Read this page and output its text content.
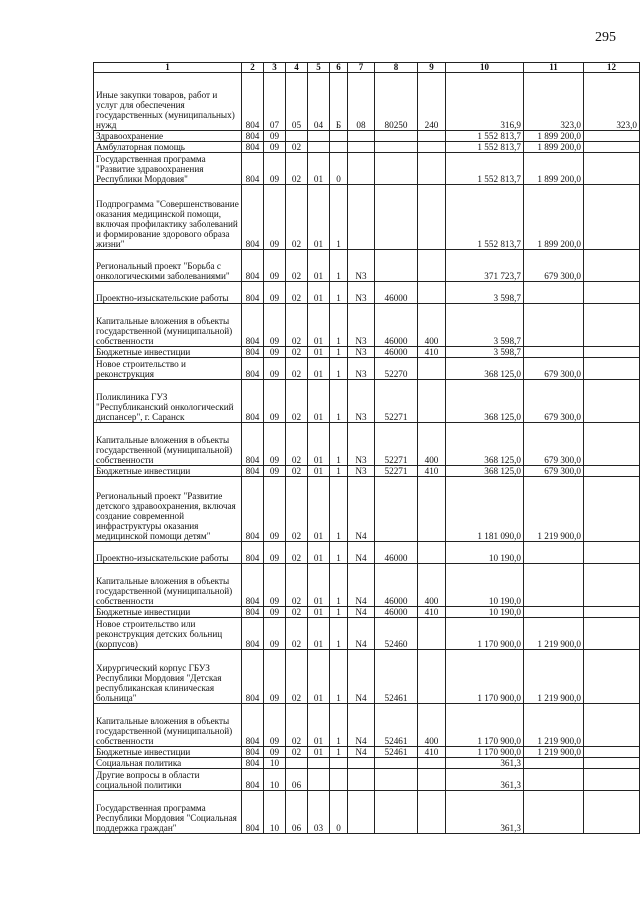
295
1	2	3	4	5	6	7	8	9	10	11	12
Иные закупки товаров, работ и услуг для обеспечения государственных (муниципальных) нужд	804	07	05	04	Б	08	80250	240	316,9	323,0	323,0
Здравоохранение	804	09							1 552 813,7	1 899 200,0	
Амбулаторная помощь	804	09	02						1 552 813,7	1 899 200,0	
Государственная программа "Развитие здравоохранения Республики Мордовия"	804	09	02	01	0				1 552 813,7	1 899 200,0	
Подпрограмма "Совершенствование оказания медицинской помощи, включая профилактику заболеваний и формирование здорового образа жизни"	804	09	02	01	1				1 552 813,7	1 899 200,0	
Региональный проект "Борьба с онкологическими заболеваниями"	804	09	02	01	1	N3			371 723,7	679 300,0	
Проектно-изыскательские работы	804	09	02	01	1	N3	46000		3 598,7		
Капитальные вложения в объекты государственной (муниципальной) собственности	804	09	02	01	1	N3	46000	400	3 598,7		
Бюджетные инвестиции	804	09	02	01	1	N3	46000	410	3 598,7		
Новое строительство и реконструкция	804	09	02	01	1	N3	52270		368 125,0	679 300,0	
Поликлиника ГУЗ "Республиканский онкологический диспансер", г. Саранск	804	09	02	01	1	N3	52271		368 125,0	679 300,0	
Капитальные вложения в объекты государственной (муниципальной) собственности	804	09	02	01	1	N3	52271	400	368 125,0	679 300,0	
Бюджетные инвестиции	804	09	02	01	1	N3	52271	410	368 125,0	679 300,0	
Региональный проект "Развитие детского здравоохранения, включая создание современной инфраструктуры оказания медицинской помощи детям"	804	09	02	01	1	N4			1 181 090,0	1 219 900,0	
Проектно-изыскательские работы	804	09	02	01	1	N4	46000		10 190,0		
Капитальные вложения в объекты государственной (муниципальной) собственности	804	09	02	01	1	N4	46000	400	10 190,0		
Бюджетные инвестиции	804	09	02	01	1	N4	46000	410	10 190,0		
Новое строительство или реконструкция детских больниц (корпусов)	804	09	02	01	1	N4	52460		1 170 900,0	1 219 900,0	
Хирургический корпус ГБУЗ Республики Мордовия "Детская республиканская клиническая больница"	804	09	02	01	1	N4	52461		1 170 900,0	1 219 900,0	
Капитальные вложения в объекты государственной (муниципальной) собственности	804	09	02	01	1	N4	52461	400	1 170 900,0	1 219 900,0	
Бюджетные инвестиции	804	09	02	01	1	N4	52461	410	1 170 900,0	1 219 900,0	
Социальная политика	804	10							361,3		
Другие вопросы в области социальной политики	804	10	06						361,3		
Государственная программа Республики Мордовия "Социальная поддержка граждан"	804	10	06	03	0				361,3		
